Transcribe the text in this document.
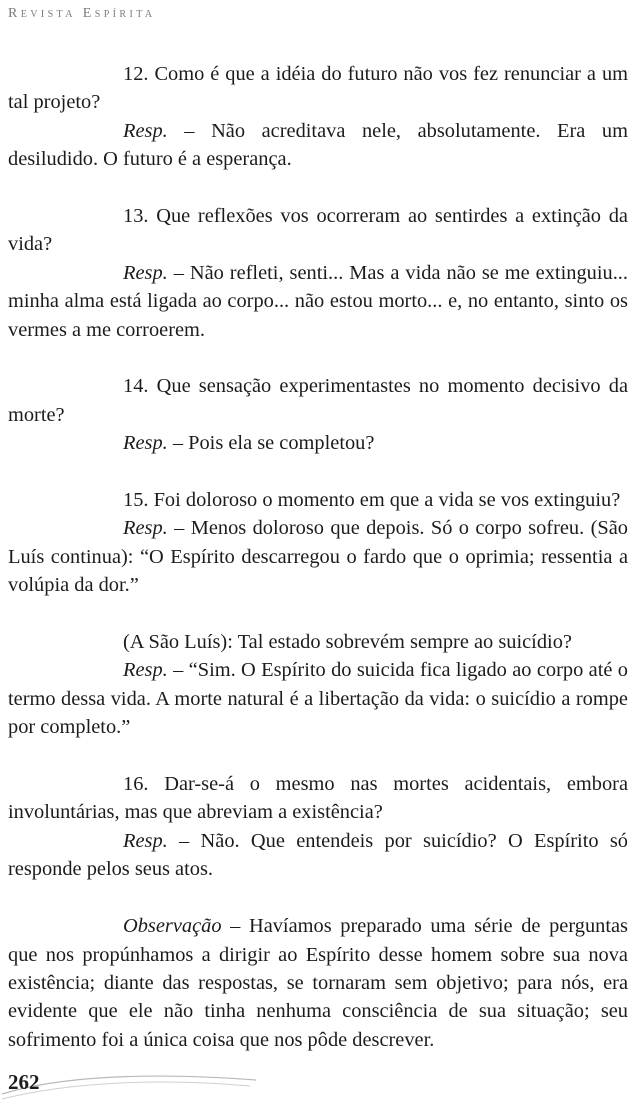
Revista Espírita

12. Como é que a idéia do futuro não vos fez renunciar a um tal projeto?

Resp. – Não acreditava nele, absolutamente. Era um desiludido. O futuro é a esperança.

13. Que reflexões vos ocorreram ao sentirdes a extinção da vida?

Resp. – Não refleti, senti... Mas a vida não se me extinguiu... minha alma está ligada ao corpo... não estou morto... e, no entanto, sinto os vermes a me corroerem.

14. Que sensação experimentastes no momento decisivo da morte?

Resp. – Pois ela se completou?

15. Foi doloroso o momento em que a vida se vos extinguiu?

Resp. – Menos doloroso que depois. Só o corpo sofreu. (São Luís continua): “O Espírito descarregou o fardo que o oprimia; ressentia a volúpia da dor.”

(A São Luís): Tal estado sobrevém sempre ao suicídio?

Resp. – “Sim. O Espírito do suicida fica ligado ao corpo até o termo dessa vida. A morte natural é a libertação da vida: o suicídio a rompe por completo.”

16. Dar-se-á o mesmo nas mortes acidentais, embora involuntárias, mas que abreviam a existência?

Resp. – Não. Que entendeis por suicídio? O Espírito só responde pelos seus atos.

Observação – Havíamos preparado uma série de perguntas que nos propúnhamos a dirigir ao Espírito desse homem sobre sua nova existência; diante das respostas, se tornaram sem objetivo; para nós, era evidente que ele não tinha nenhuma consciência de sua situação; seu sofrimento foi a única coisa que nos pôde descrever.

262
